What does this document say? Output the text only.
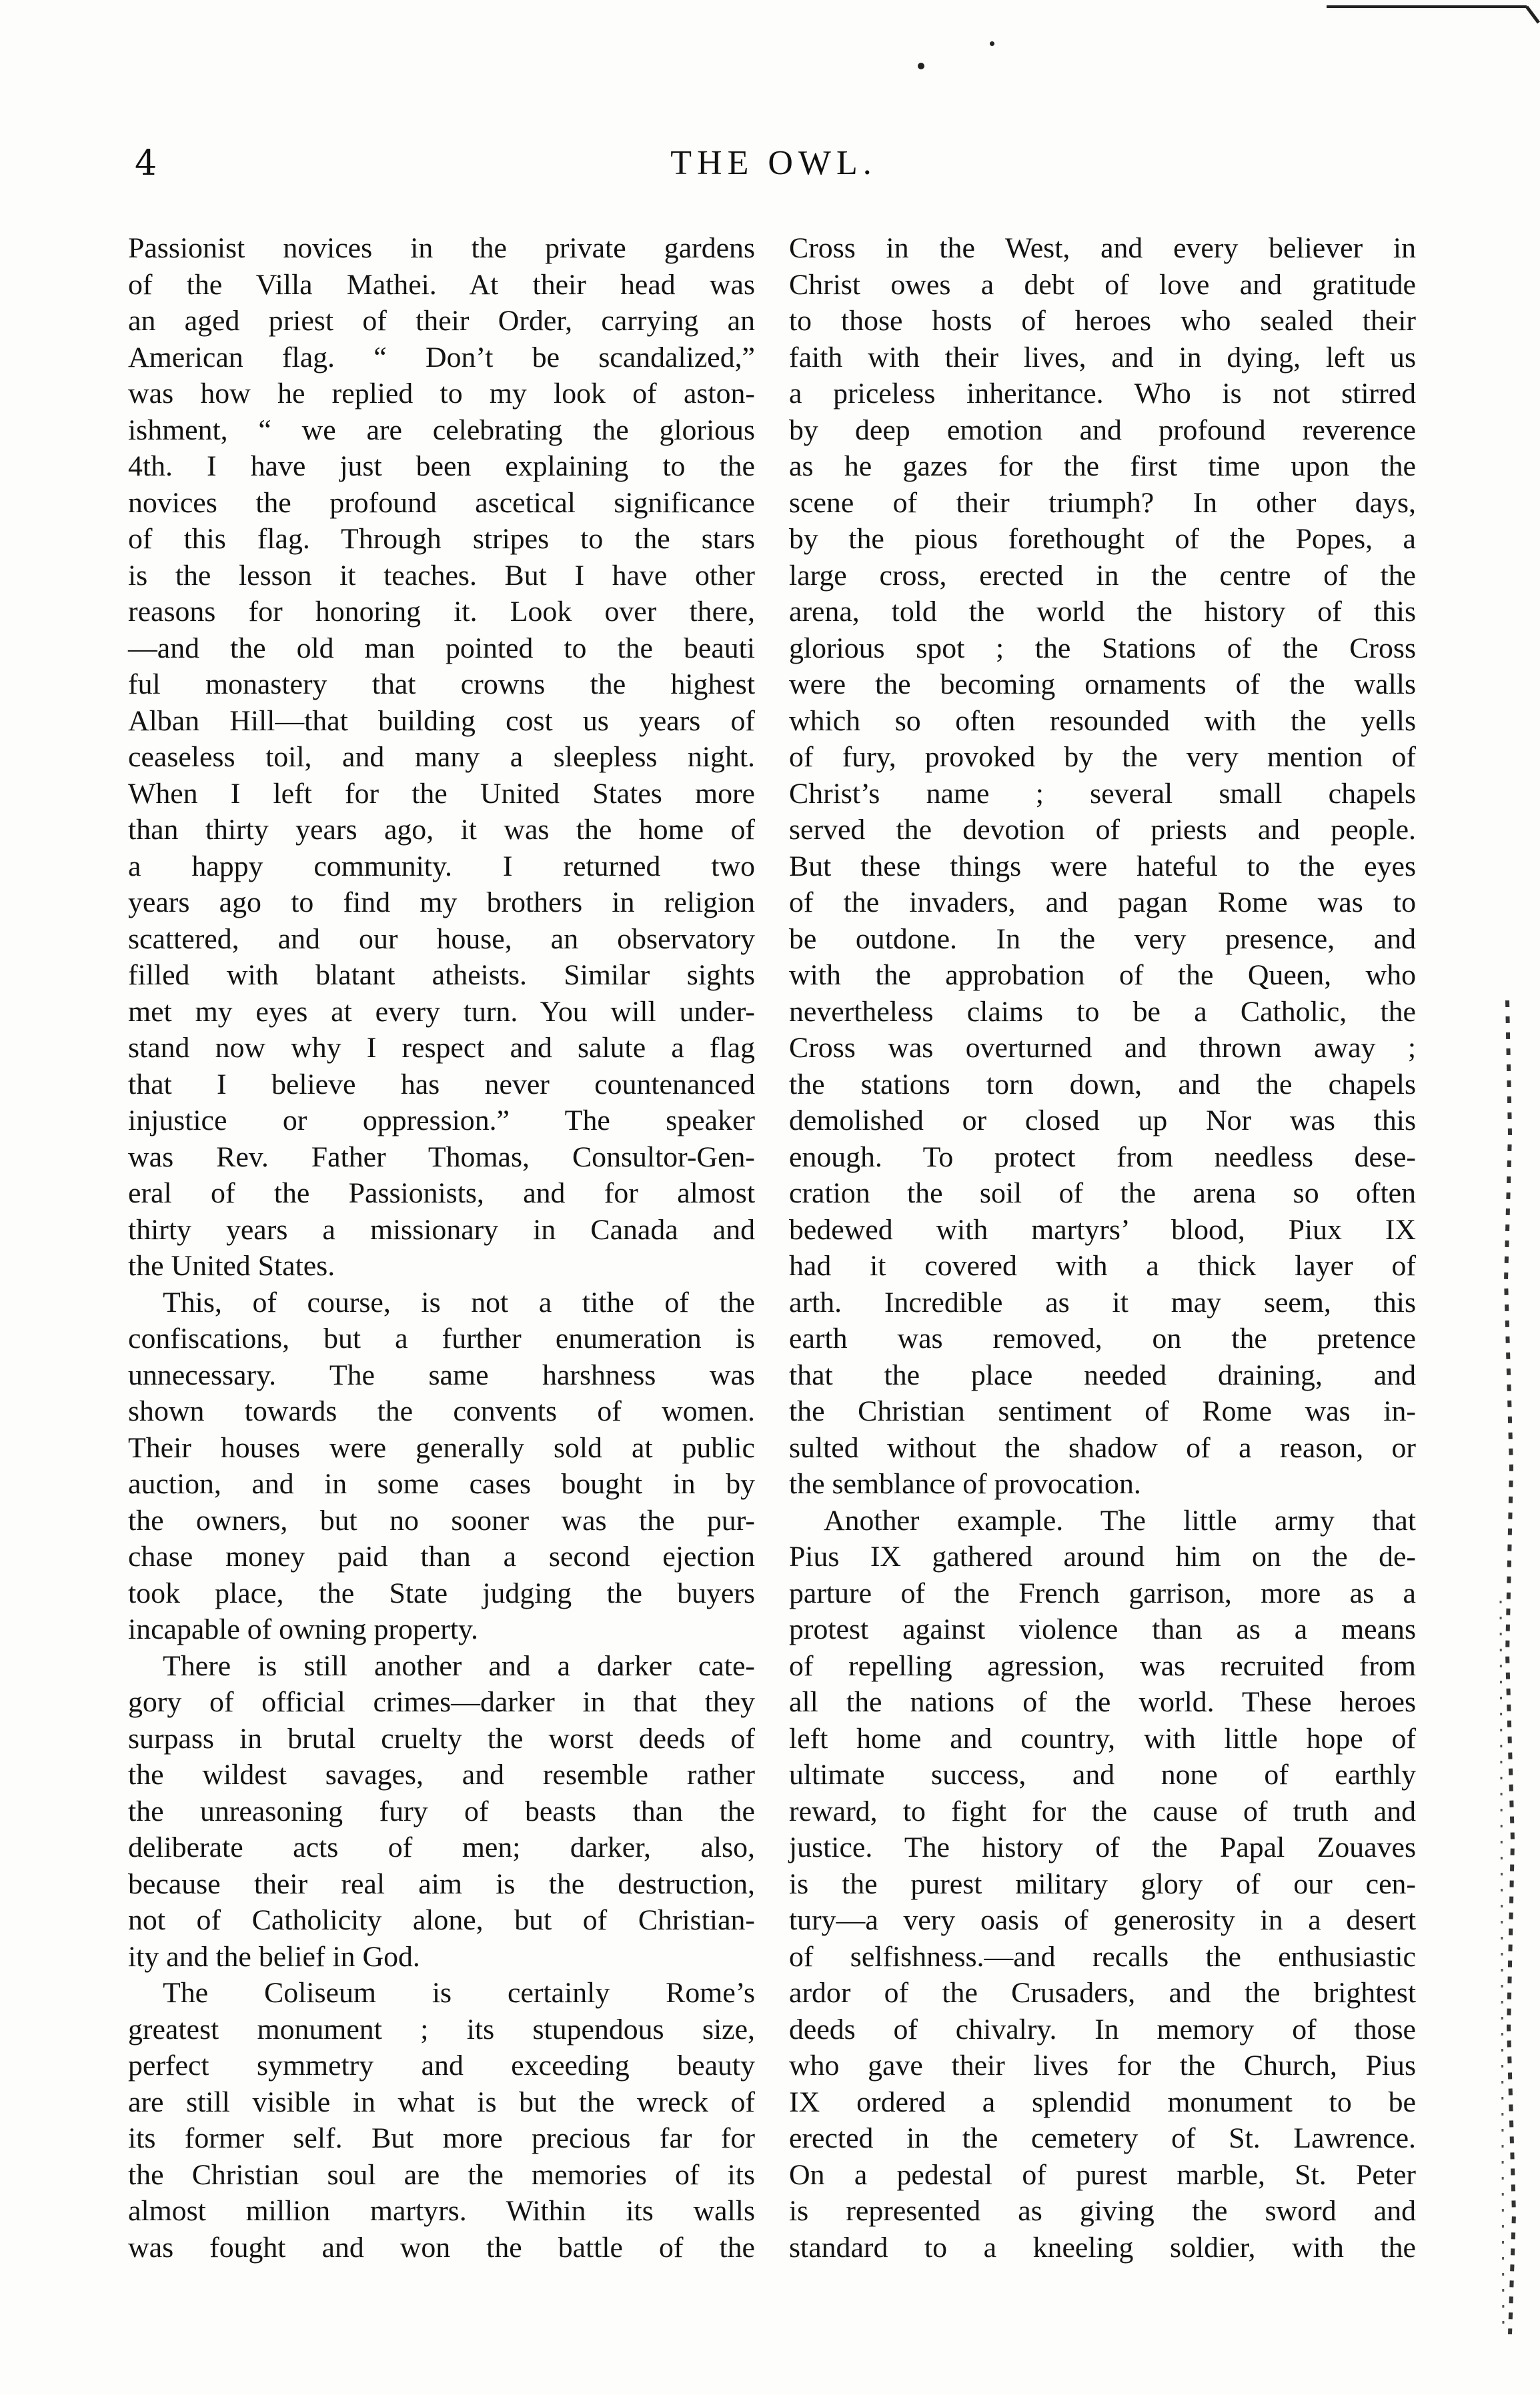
4	THE OWL.
Passionist novices in the private gardens
of the Villa Mathei. At their head was
an aged priest of their Order, carrying an
American flag. “ Don’t be scandalized,”
was how he replied to my look of aston-
ishment, “ we are celebrating the glorious
4th. I have just been explaining to the
novices the profound ascetical significance
of this flag. Through stripes to the stars
is the lesson it teaches. But I have other
reasons for honoring it. Look over there,
—and the old man pointed to the beauti
ful monastery that crowns the highest
Alban Hill—that building cost us years of
ceaseless toil, and many a sleepless night.
When I left for the United States more
than thirty years ago, it was the home of
a happy community. I returned two
years ago to find my brothers in religion
scattered, and our house, an observatory
filled with blatant atheists. Similar sights
met my eyes at every turn. You will under-
stand now why I respect and salute a flag
that I believe has never countenanced
injustice or oppression.” The speaker
was Rev. Father Thomas, Consultor-Gen-
eral of the Passionists, and for almost
thirty years a missionary in Canada and
the United States.
This, of course, is not a tithe of the
confiscations, but a further enumeration is
unnecessary. The same harshness was
shown towards the convents of women.
Their houses were generally sold at public
auction, and in some cases bought in by
the owners, but no sooner was the pur-
chase money paid than a second ejection
took place, the State judging the buyers
incapable of owning property.
There is still another and a darker cate-
gory of official crimes—darker in that they
surpass in brutal cruelty the worst deeds of
the wildest savages, and resemble rather
the unreasoning fury of beasts than the
deliberate acts of men; darker, also,
because their real aim is the destruction,
not of Catholicity alone, but of Christian-
ity and the belief in God.
The Coliseum is certainly Rome’s
greatest monument ; its stupendous size,
perfect symmetry and exceeding beauty
are still visible in what is but the wreck of
its former self. But more precious far for
the Christian soul are the memories of its
almost million martyrs. Within its walls
was fought and won the battle of the
Cross in the West, and every believer in
Christ owes a debt of love and gratitude
to those hosts of heroes who sealed their
faith with their lives, and in dying, left us
a priceless inheritance. Who is not stirred
by deep emotion and profound reverence
as he gazes for the first time upon the
scene of their triumph? In other days,
by the pious forethought of the Popes, a
large cross, erected in the centre of the
arena, told the world the history of this
glorious spot ; the Stations of the Cross
were the becoming ornaments of the walls
which so often resounded with the yells
of fury, provoked by the very mention of
Christ’s name ; several small chapels
served the devotion of priests and people.
But these things were hateful to the eyes
of the invaders, and pagan Rome was to
be outdone. In the very presence, and
with the approbation of the Queen, who
nevertheless claims to be a Catholic, the
Cross was overturned and thrown away ;
the stations torn down, and the chapels
demolished or closed up Nor was this
enough. To protect from needless dese-
cration the soil of the arena so often
bedewed with martyrs’ blood, Piux IX
had it covered with a thick layer of
arth. Incredible as it may seem, this
earth was removed, on the pretence
that the place needed draining, and
the Christian sentiment of Rome was in-
sulted without the shadow of a reason, or
the semblance of provocation.
Another example. The little army that
Pius IX gathered around him on the de-
parture of the French garrison, more as a
protest against violence than as a means
of repelling agression, was recruited from
all the nations of the world. These heroes
left home and country, with little hope of
ultimate success, and none of earthly
reward, to fight for the cause of truth and
justice. The history of the Papal Zouaves
is the purest military glory of our cen-
tury—a very oasis of generosity in a desert
of selfishness.—and recalls the enthusiastic
ardor of the Crusaders, and the brightest
deeds of chivalry. In memory of those
who gave their lives for the Church, Pius
IX ordered a splendid monument to be
erected in the cemetery of St. Lawrence.
On a pedestal of purest marble, St. Peter
is represented as giving the sword and
standard to a kneeling soldier, with the
